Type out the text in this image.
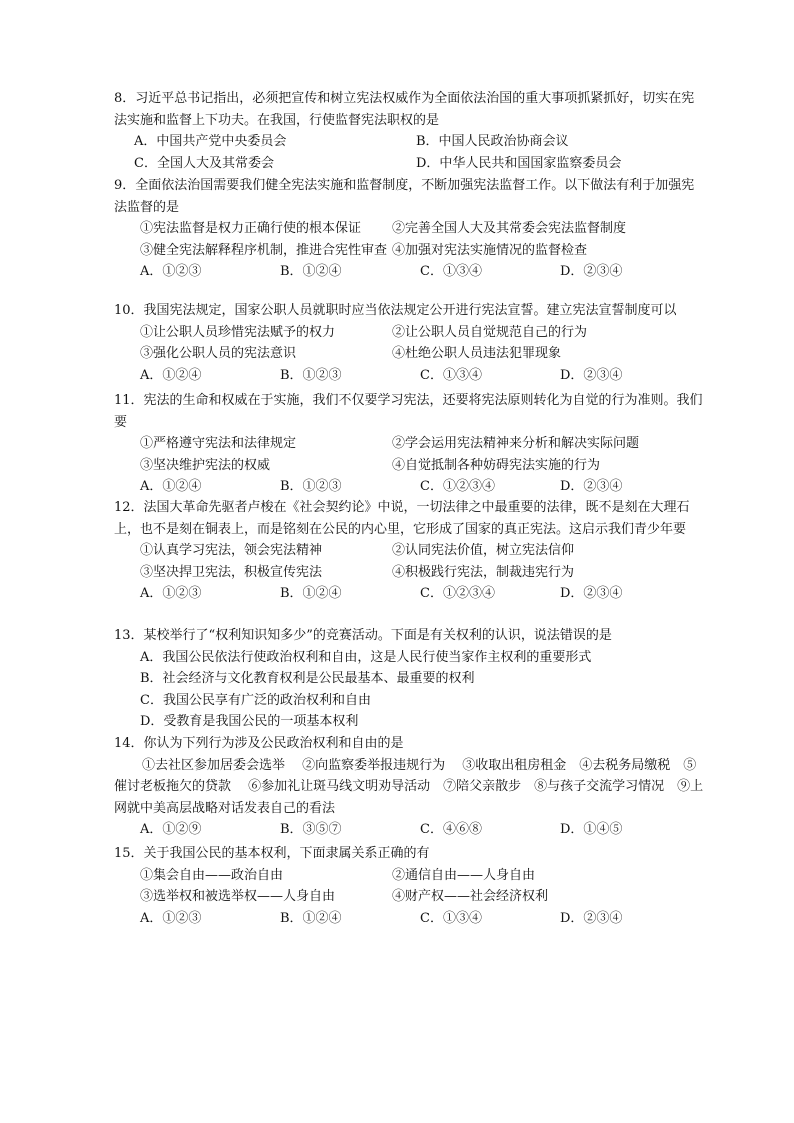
8．习近平总书记指出，必须把宣传和树立宪法权威作为全面依法治国的重大事项抓紧抓好，切实在宪法实施和监督上下功夫。在我国，行使监督宪法职权的是

A．中国共产党中央委员会	B．中国人民政治协商会议
C．全国人大及其常委会	D．中华人民共和国国家监察委员会

9．全面依法治国需要我们健全宪法实施和监督制度，不断加强宪法监督工作。以下做法有利于加强宪法监督的是

①宪法监督是权力正确行使的根本保证	②完善全国人大及其常委会宪法监督制度
③健全宪法解释程序机制，推进合宪性审查 ④加强对宪法实施情况的监督检查
A．①②③	B．①②④	C．①③④	D．②③④

10．我国宪法规定，国家公职人员就职时应当依法规定公开进行宪法宣誓。建立宪法宣誓制度可以

①让公职人员珍惜宪法赋予的权力	②让公职人员自觉规范自己的行为
③强化公职人员的宪法意识	④杜绝公职人员违法犯罪现象
A．①②④	B．①②③	C．①③④	D．②③④

11．宪法的生命和权威在于实施，我们不仅要学习宪法，还要将宪法原则转化为自觉的行为准则。我们要

①严格遵守宪法和法律规定	②学会运用宪法精神来分析和解决实际问题
③坚决维护宪法的权威	④自觉抵制各种妨碍宪法实施的行为
A．①②④	B．①②③	C．①②③④	D．②③④

12．法国大革命先驱者卢梭在《社会契约论》中说，一切法律之中最重要的法律，既不是刻在大理石上，也不是刻在铜表上，而是铭刻在公民的内心里，它形成了国家的真正宪法。这启示我们青少年要

①认真学习宪法，领会宪法精神	②认同宪法价值，树立宪法信仰
③坚决捍卫宪法，积极宣传宪法	④积极践行宪法，制裁违宪行为
A．①②③	B．①②④	C．①②③④	D．②③④

13．某校举行了“权利知识知多少”的竞赛活动。下面是有关权利的认识，说法错误的是

A．我国公民依法行使政治权利和自由，这是人民行使当家作主权利的重要形式
B．社会经济与文化教育权利是公民最基本、最重要的权利
C．我国公民享有广泛的政治权利和自由
D．受教育是我国公民的一项基本权利

14．你认为下列行为涉及公民政治权利和自由的是

①去社区参加居委会选举　 ②向监察委举报违规行为　 ③收取出租房租金　④去税务局缴税　⑤催讨老板拖欠的贷款　 ⑥参加礼让斑马线文明劝导活动　⑦陪父亲散步　⑧与孩子交流学习情况　⑨上网就中美高层战略对话发表自己的看法

A．①②⑨	B．③⑤⑦	C．④⑥⑧	D．①④⑤

15．关于我国公民的基本权利，下面隶属关系正确的有

①集会自由——政治自由	②通信自由——人身自由
③选举权和被选举权——人身自由	④财产权——社会经济权利
A．①②③	B．①②④	C．①③④	D．②③④
